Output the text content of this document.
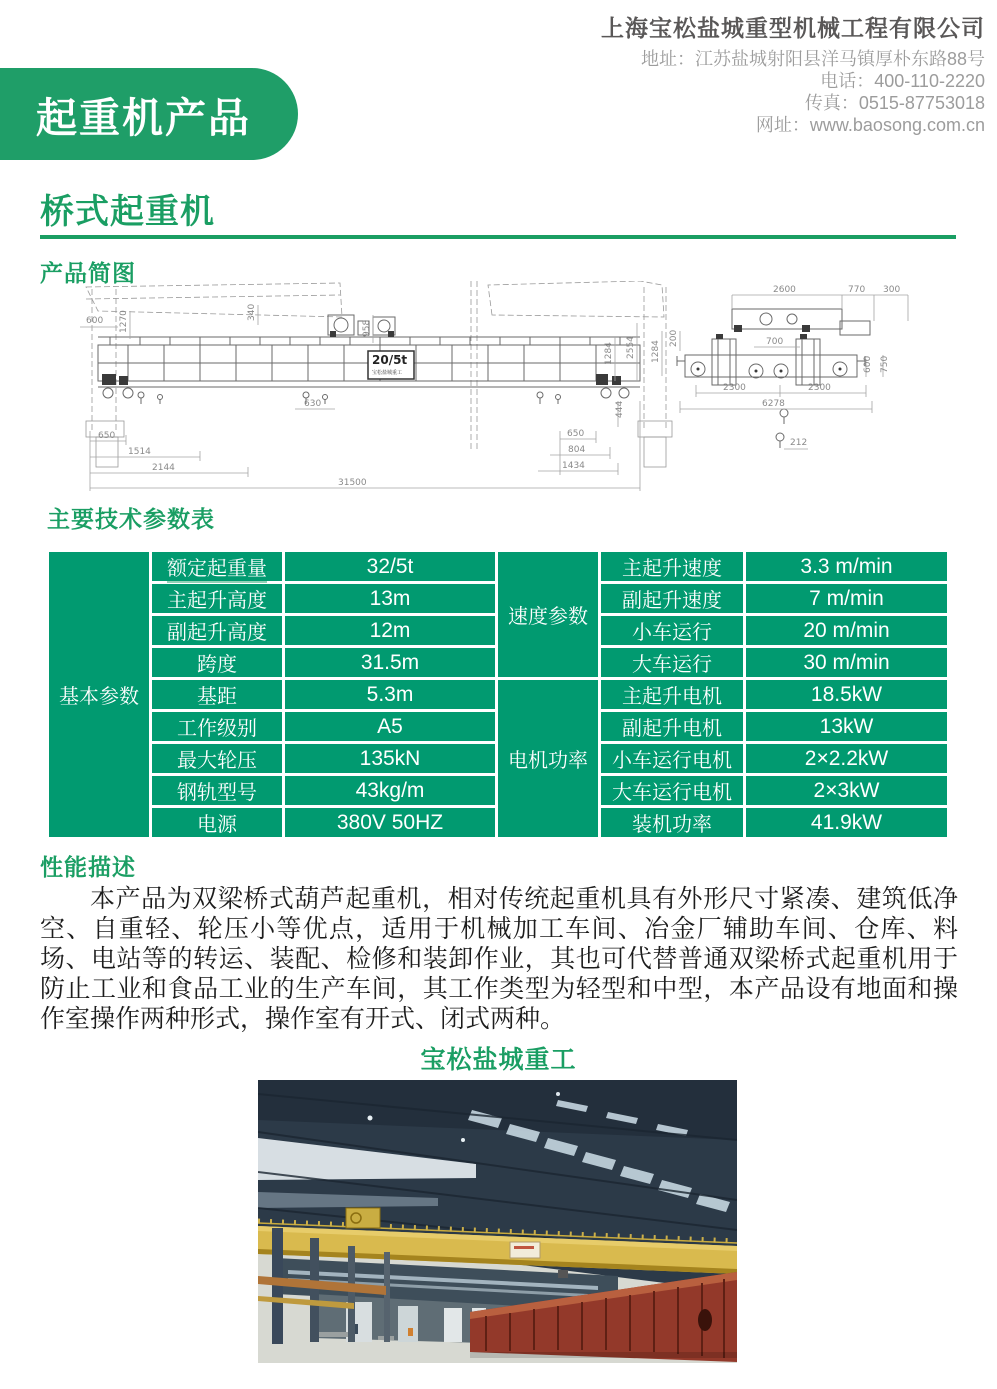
上海宝松盐城重型机械工程有限公司
地址：江苏盐城射阳县洋马镇厚朴东路88号
电话：400-110-2220
传真：0515-87753018
网址：www.baosong.com.cn
起重机产品
桥式起重机
产品简图
20/5t
宝松盐城重工
600 1270	340
958
630
650
1514
2144
31500
650
804
1434
444
1284 2554 1284
200
2600	770 300
700
600 750
2300	2300
6278
212
主要技术参数表
基本参数	额定起重量	32/5t	速度参数	主起升速度	3.3 m/min
	主起升高度	13m		副起升速度	7 m/min
	副起升高度	12m		小车运行	20 m/min
	跨度	31.5m		大车运行	30 m/min
	基距	5.3m	电机功率	主起升电机	18.5kW
	工作级别	A5		副起升电机	13kW
	最大轮压	135kN		小车运行电机	2×2.2kW
	钢轨型号	43kg/m		大车运行电机	2×3kW
	电源	380V 50HZ		装机功率	41.9kW
性能描述

本产品为双梁桥式葫芦起重机，相对传统起重机具有外形尺寸紧凑、建筑低净空、自重轻、轮压小等优点，适用于机械加工车间、冶金厂辅助车间、仓库、料场、电站等的转运、装配、检修和装卸作业，其也可代替普通双梁桥式起重机用于防止工业和食品工业的生产车间，其工作类型为轻型和中型，本产品设有地面和操作室操作两种形式，操作室有开式、闭式两种。

宝松盐城重工
